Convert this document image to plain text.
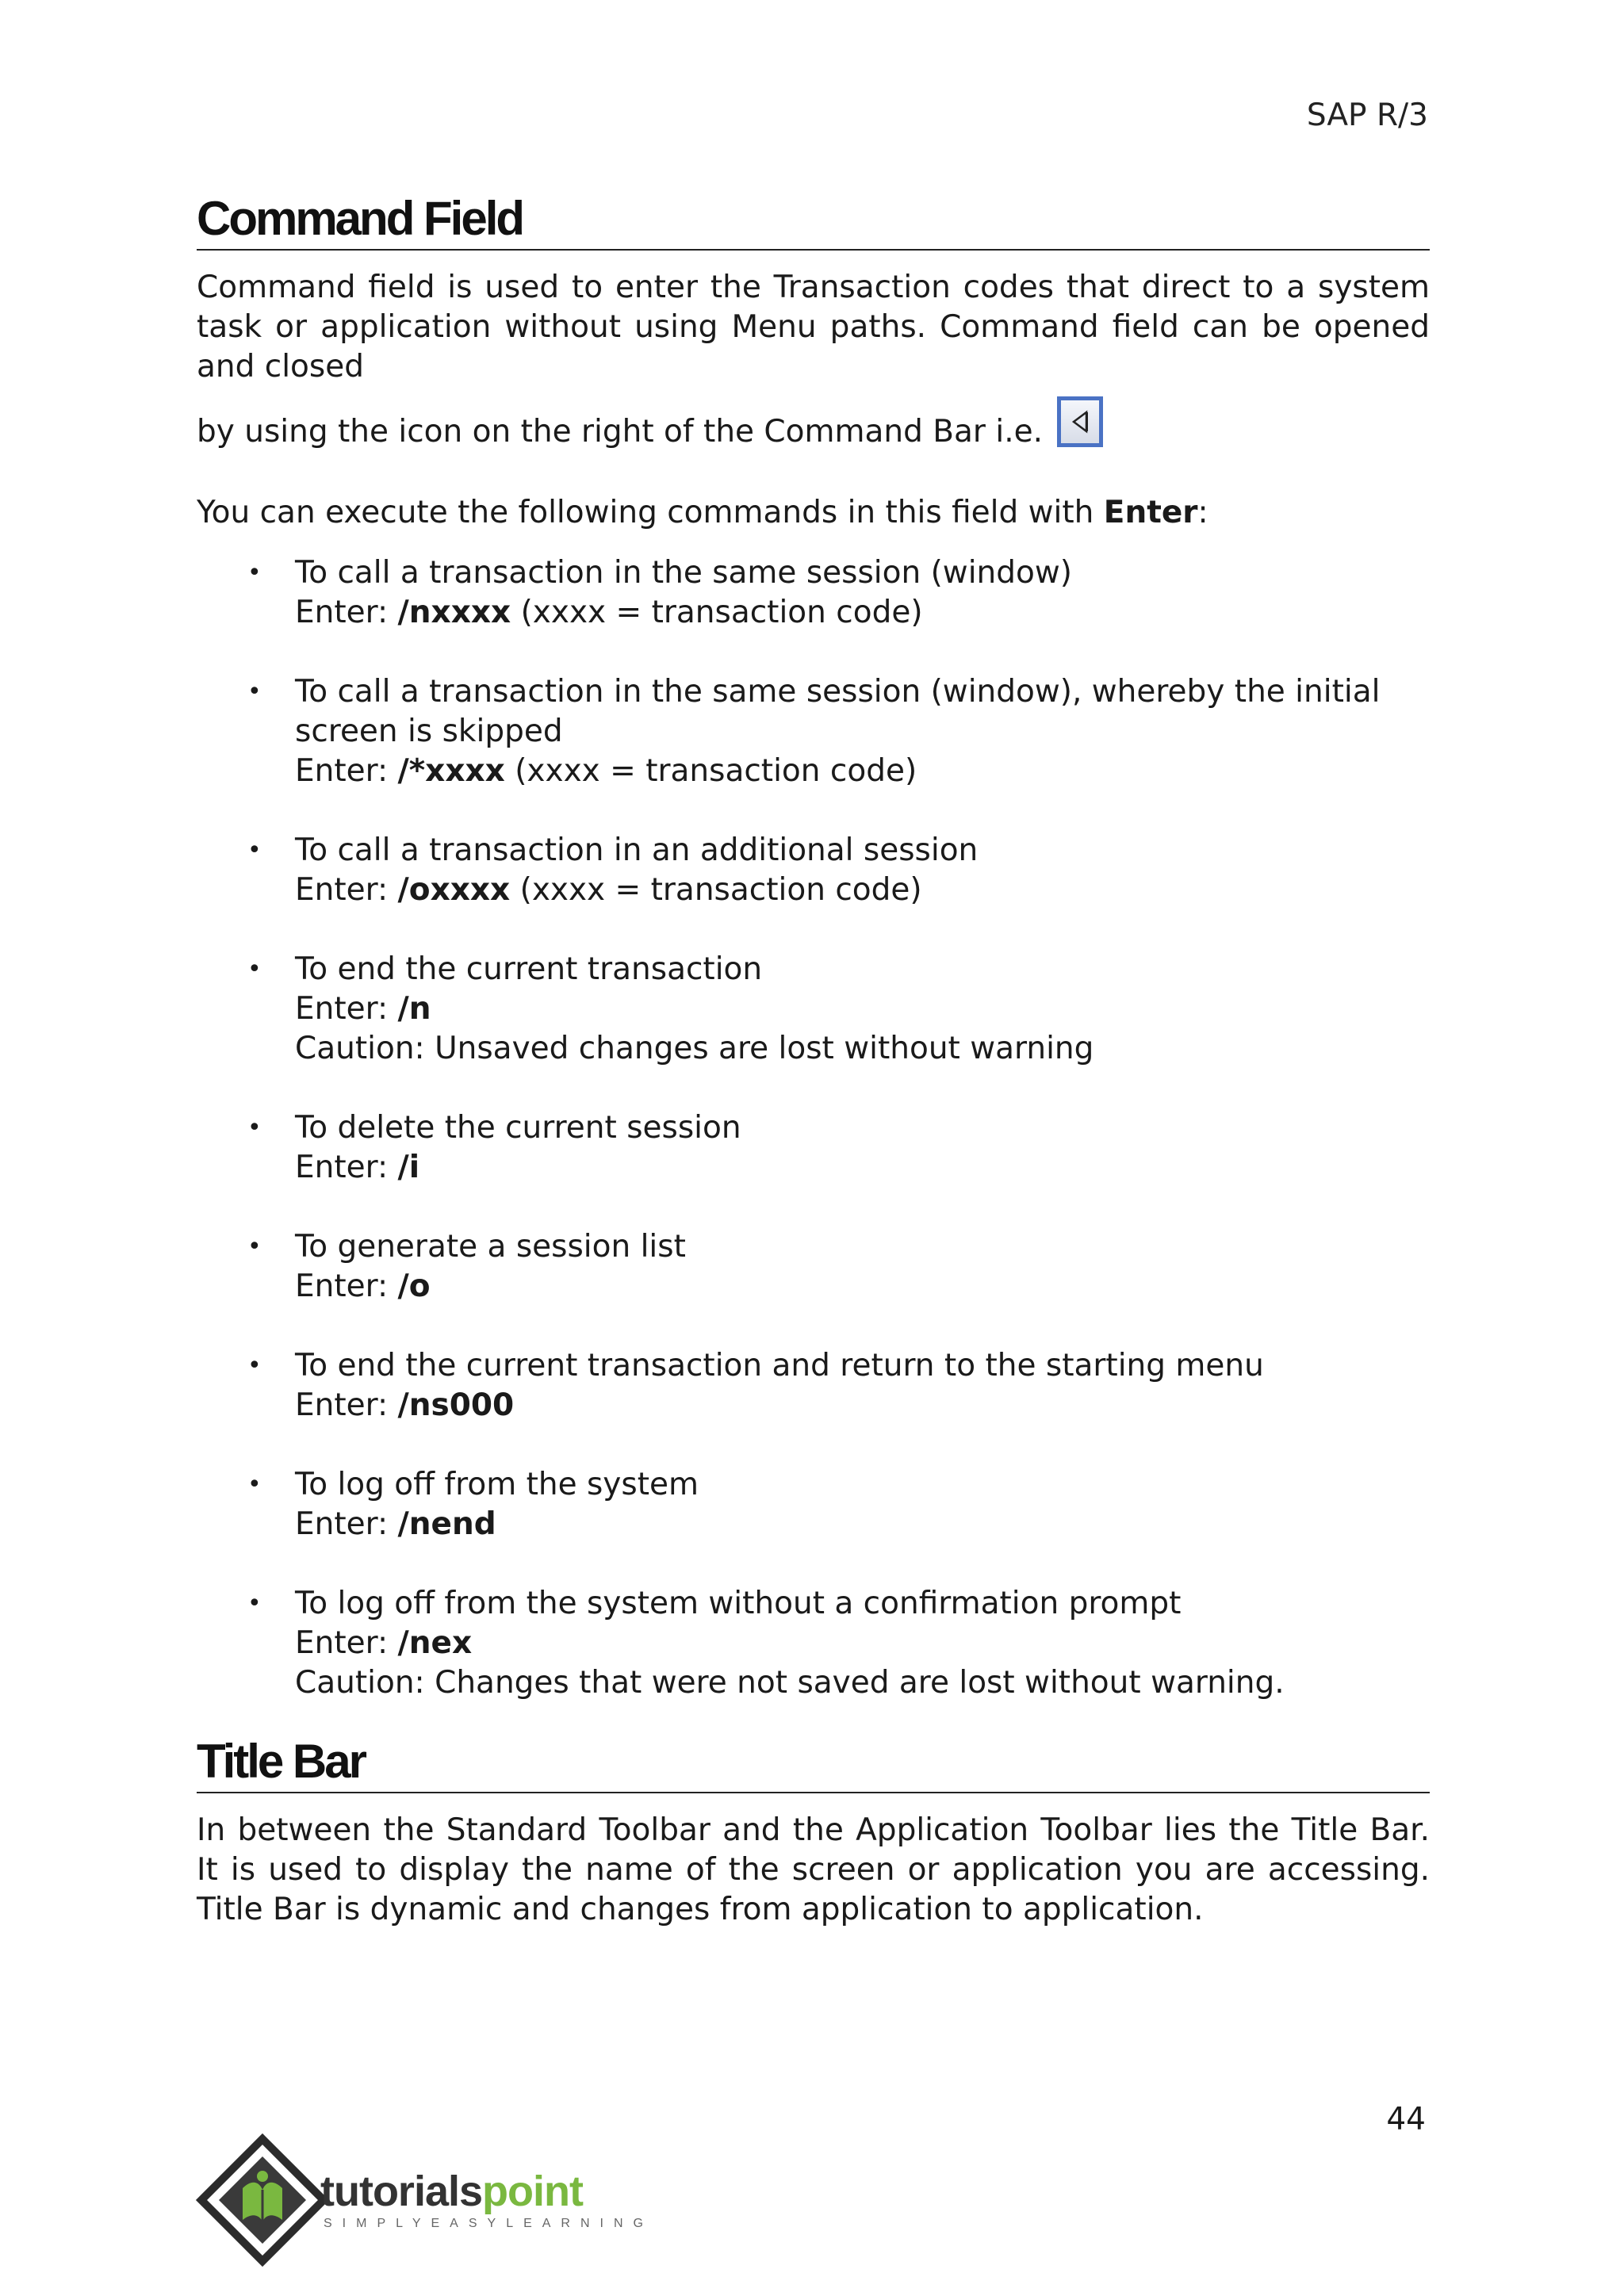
SAP R/3
Command Field

Command field is used to enter the Transaction codes that direct to a system task or application without using Menu paths. Command field can be opened and closed

by using the icon on the right of the Command Bar i.e.

You can execute the following commands in this field with Enter:

• To call a transaction in the same session (window)

Enter: /nxxxx (xxxx = transaction code)

• To call a transaction in the same session (window), whereby the initial screen is skipped

Enter: /*xxxx (xxxx = transaction code)

• To call a transaction in an additional session

Enter: /oxxxx (xxxx = transaction code)

• To end the current transaction

Enter: /n

Caution: Unsaved changes are lost without warning

• To delete the current session

Enter: /i

• To generate a session list

Enter: /o

• To end the current transaction and return to the starting menu

Enter: /ns000

• To log off from the system

Enter: /nend

• To log off from the system without a confirmation prompt

Enter: /nex

Caution: Changes that were not saved are lost without warning.

Title Bar

In between the Standard Toolbar and the Application Toolbar lies the Title Bar. It is used to display the name of the screen or application you are accessing. Title Bar is dynamic and changes from application to application.

44
tutorialspoint
SIMPLYEASYLEARNING
